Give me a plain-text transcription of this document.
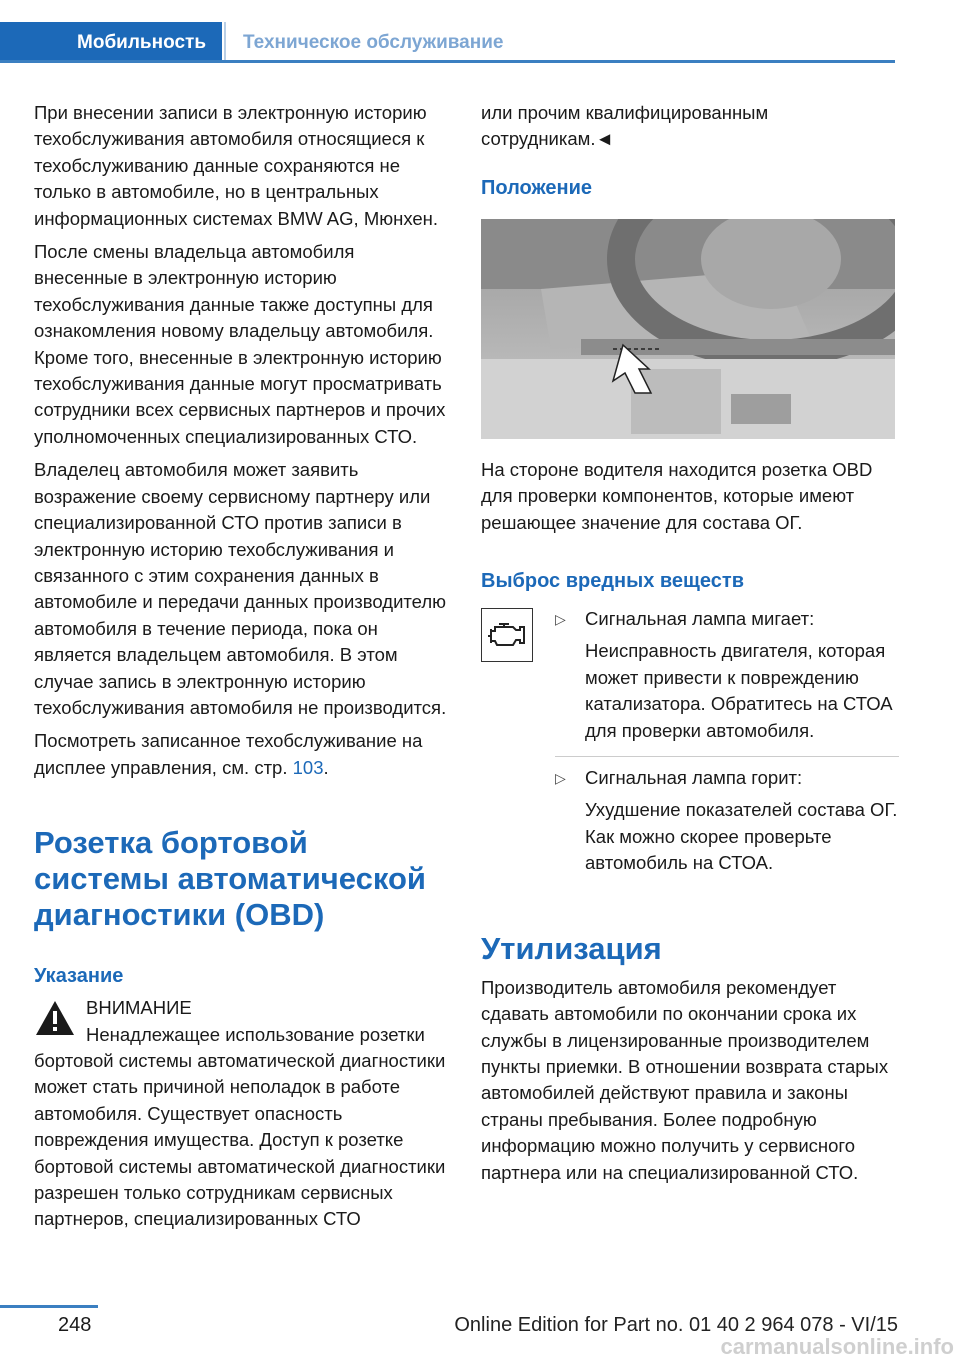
Мобильность	Техническое обслуживание

При внесении записи в электронную историю техобслуживания автомобиля относящиеся к техобслуживанию данные сохраняются не только в автомобиле, но в центральных информационных системах BMW AG, Мюнхен.

После смены владельца автомобиля внесенные в электронную историю техобслуживания данные также доступны для ознакомления новому владельцу автомобиля. Кроме того, внесенные в электронную историю техобслуживания данные могут просматривать сотрудники всех сервисных партнеров и прочих уполномоченных специализированных СТО.

Владелец автомобиля может заявить возражение своему сервисному партнеру или специализированной СТО против записи в электронную историю техобслуживания и связанного с этим сохранения данных в автомобиле и передачи данных производителю автомобиля в течение периода, пока он является владельцем автомобиля. В этом случае запись в электронную историю техобслуживания автомобиля не производится.

Посмотреть записанное техобслуживание на дисплее управления, см. стр. 103.

Розетка бортовой системы автоматической диагностики (OBD)
Указание
ВНИМАНИЕ
Ненадлежащее использование розетки

бортовой системы автоматической диагностики может стать причиной неполадок в работе автомобиля. Существует опасность повреждения имущества. Доступ к розетке бортовой системы автоматической диагностики разрешен только сотрудникам сервисных партнеров, специализированных СТО

или прочим квалифицированным сотрудникам.◄

Положение

На стороне водителя находится розетка OBD для проверки компонентов, которые имеют решающее значение для состава ОГ.

Выброс вредных веществ
▷	Сигнальная лампа мигает:

Неисправность двигателя, которая может привести к повреждению катализатора. Обратитесь на СТОА для проверки автомобиля.

▷	Сигнальная лампа горит:

Ухудшение показателей состава ОГ. Как можно скорее проверьте автомобиль на СТОА.

Утилизация

Производитель автомобиля рекомендует сдавать автомобили по окончании срока их службы в лицензированные производителем пункты приемки. В отношении возврата старых автомобилей действуют правила и законы страны пребывания. Более подробную информацию можно получить у сервисного партнера или на специализированной СТО.

248	Online Edition for Part no. 01 40 2 964 078 - VI/15
carmanualsonline.info
